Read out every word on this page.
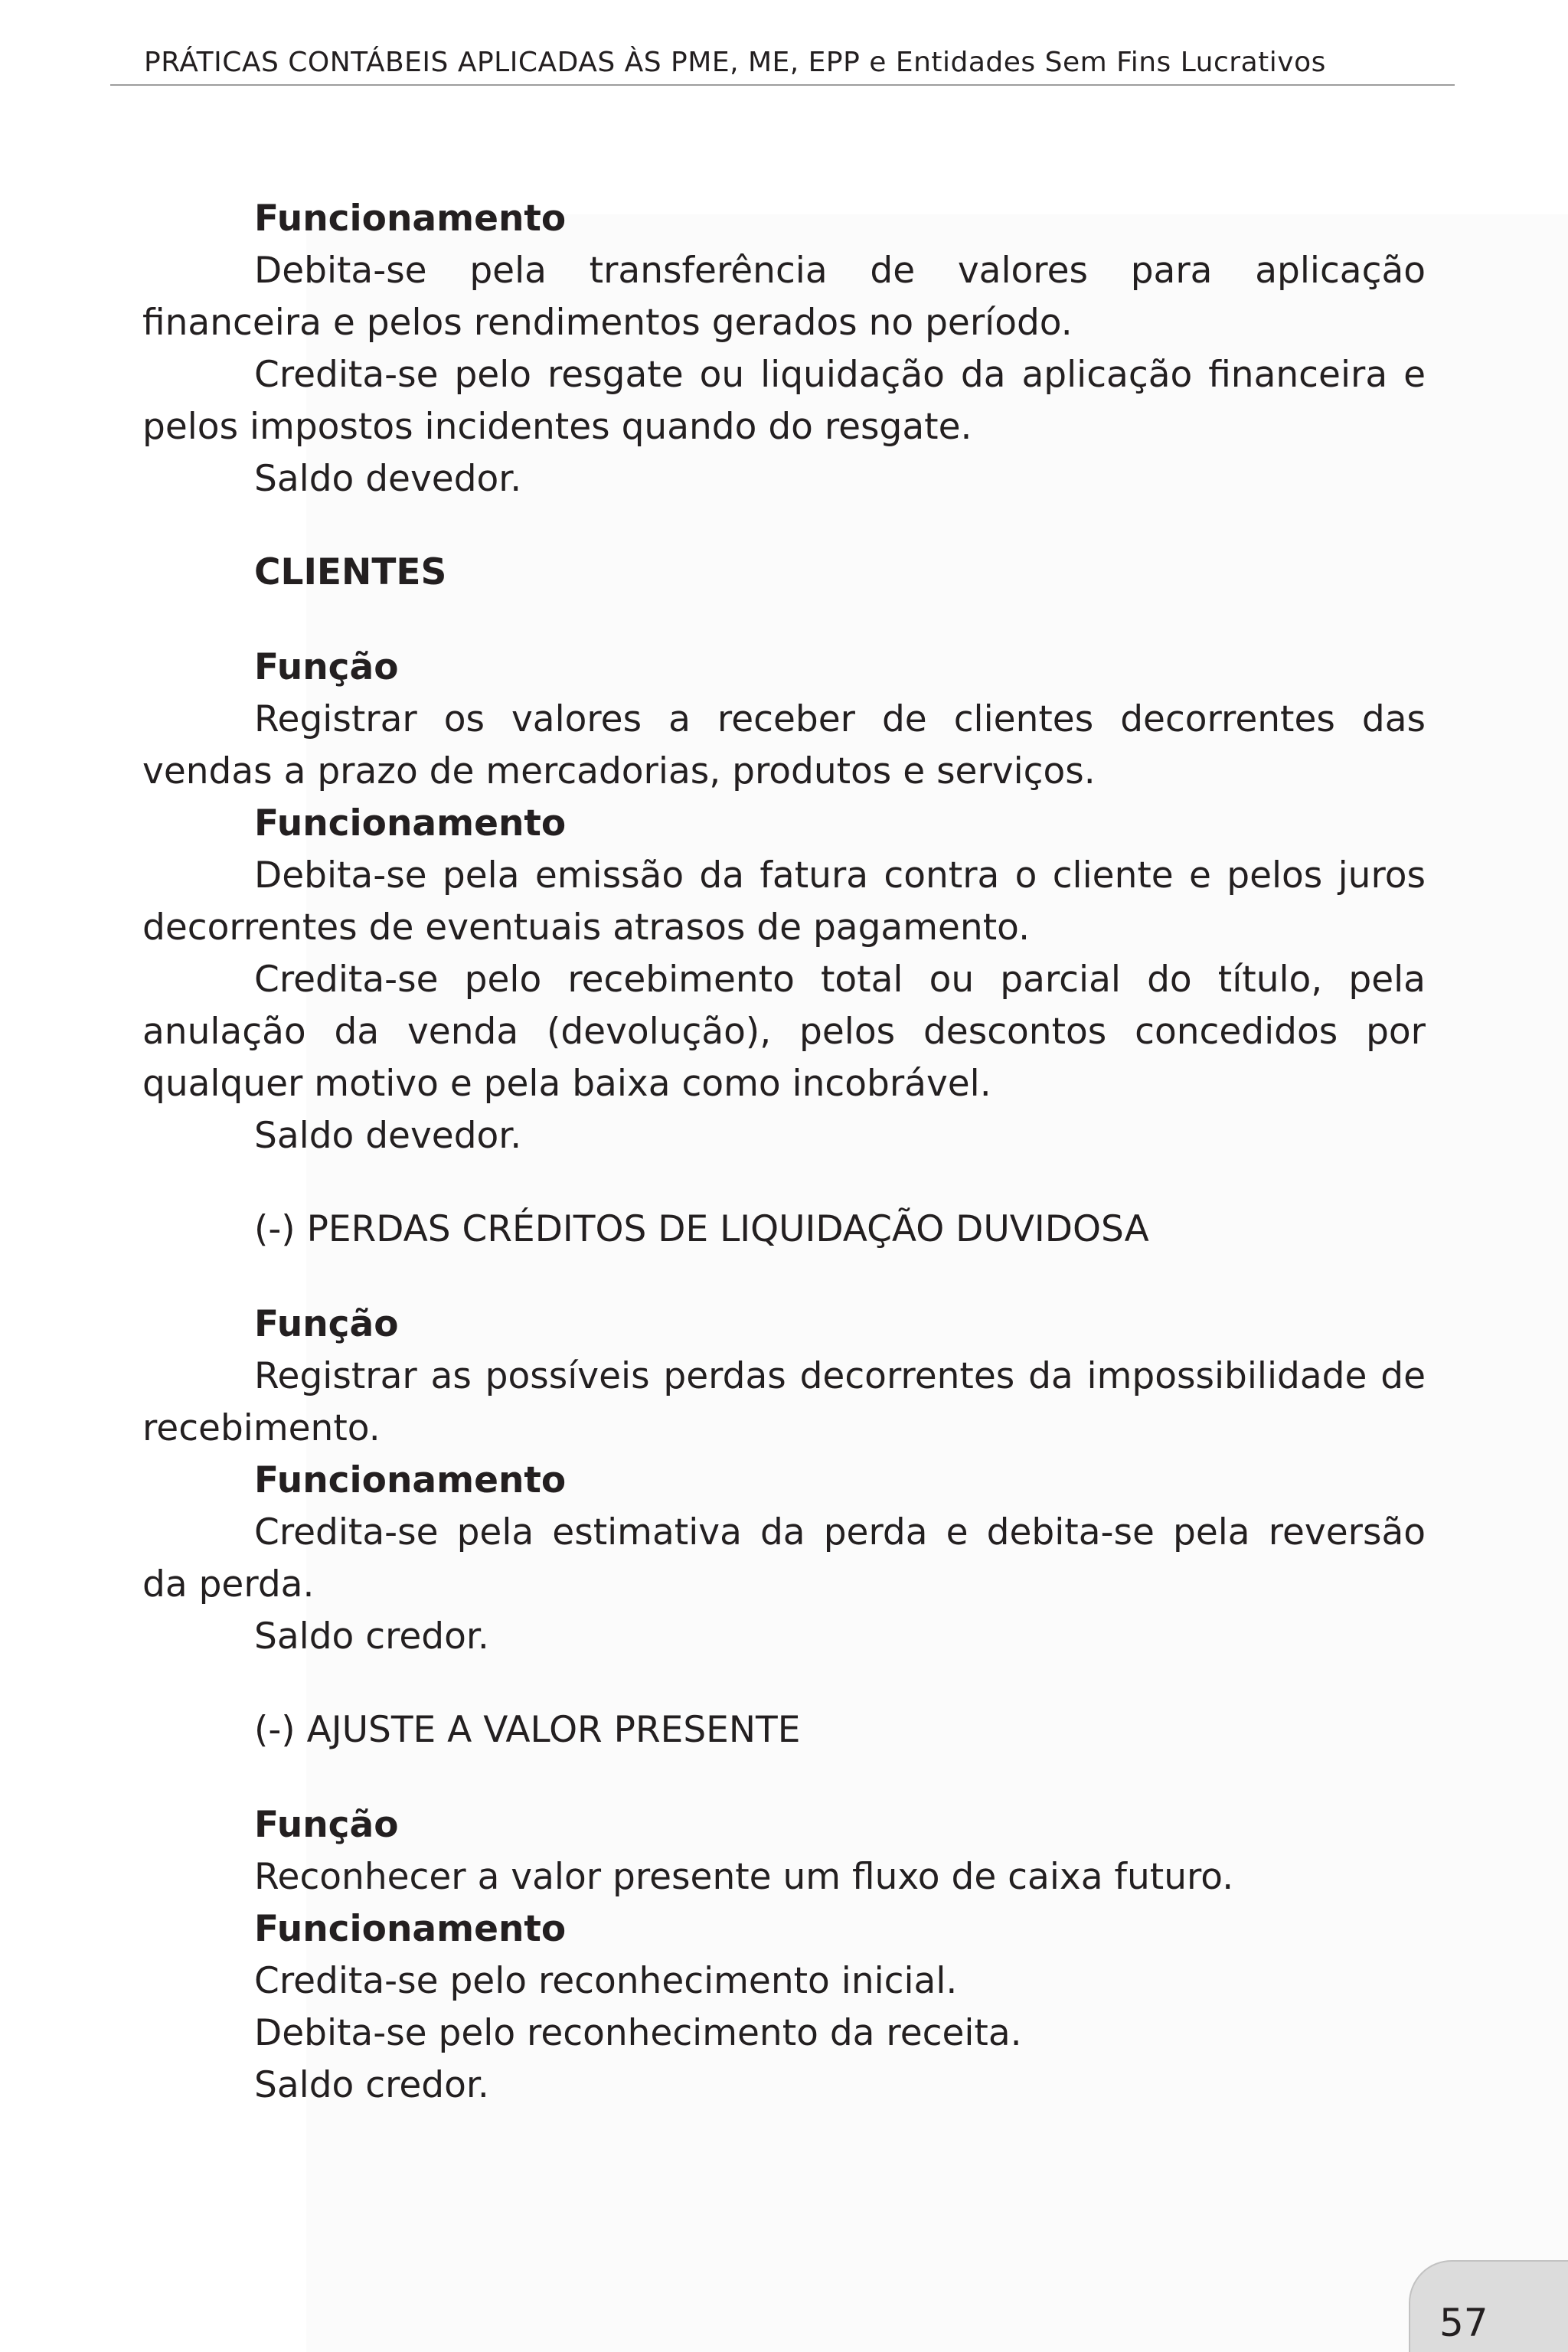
PRÁTICAS CONTÁBEIS APLICADAS ÀS PME, ME, EPP e Entidades Sem Fins Lucrativos

Funcionamento

Debita-se pela transferência de valores para aplicação financeira e pelos rendimentos gerados no período.

Credita-se pelo resgate ou liquidação da aplicação financeira e pelos impostos incidentes quando do resgate.

Saldo devedor.

CLIENTES

Função

Registrar os valores a receber de clientes decorrentes das vendas a prazo de mercadorias, produtos e serviços.

Funcionamento

Debita-se pela emissão da fatura contra o cliente e pelos juros decorrentes de eventuais atrasos de pagamento.

Credita-se pelo recebimento total ou parcial do título, pela anulação da venda (devolução), pelos descontos concedidos por qualquer motivo e pela baixa como incobrável.

Saldo devedor.

(-) PERDAS CRÉDITOS DE LIQUIDAÇÃO DUVIDOSA

Função

Registrar as possíveis perdas decorrentes da impossibilidade de recebimento.

Funcionamento

Credita-se pela estimativa da perda e debita-se pela reversão da perda.

Saldo credor.

(-) AJUSTE A VALOR PRESENTE

Função

Reconhecer a valor presente um fluxo de caixa futuro.

Funcionamento

Credita-se pelo reconhecimento inicial.

Debita-se pelo reconhecimento da receita.

Saldo credor.

57
